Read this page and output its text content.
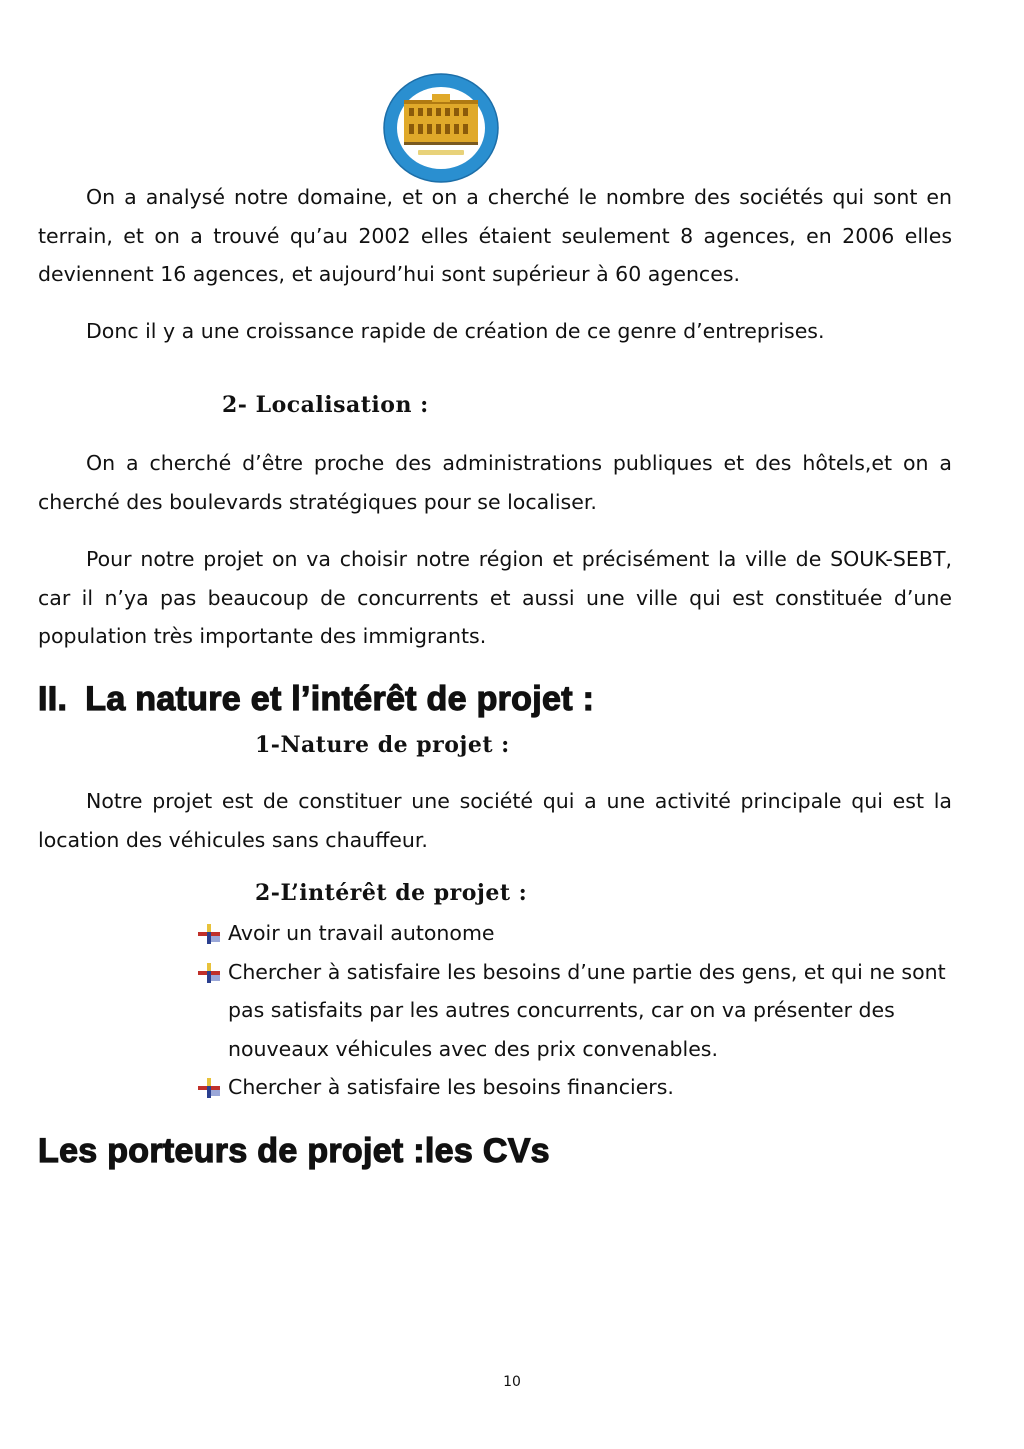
On a analysé notre domaine, et on a cherché le nombre des sociétés qui sont en terrain, et on a trouvé qu’au 2002 elles étaient seulement 8 agences, en 2006 elles deviennent 16 agences, et aujourd’hui sont supérieur à 60 agences.

Donc il y a une croissance rapide de création de ce genre d’entreprises.

2- Localisation :

On a cherché d’être proche des administrations publiques et des hôtels,et on a cherché des boulevards stratégiques pour se localiser.

Pour notre projet on va choisir notre région et précisément la ville de SOUK-SEBT, car il n’ya pas beaucoup de concurrents et aussi une ville qui est constituée d’une population très importante des immigrants.

II. La nature et l’intérêt de projet :
1-Nature de projet :

Notre projet est de constituer une société qui a une activité principale qui est la location des véhicules sans chauffeur.

2-L’intérêt de projet :
Avoir un travail autonome
Chercher à satisfaire les besoins d’une partie des gens, et qui ne sont pas satisfaits par les autres concurrents, car on va présenter des nouveaux véhicules avec des prix convenables.
Chercher à satisfaire les besoins financiers.
Les porteurs de projet :les CVs
10
